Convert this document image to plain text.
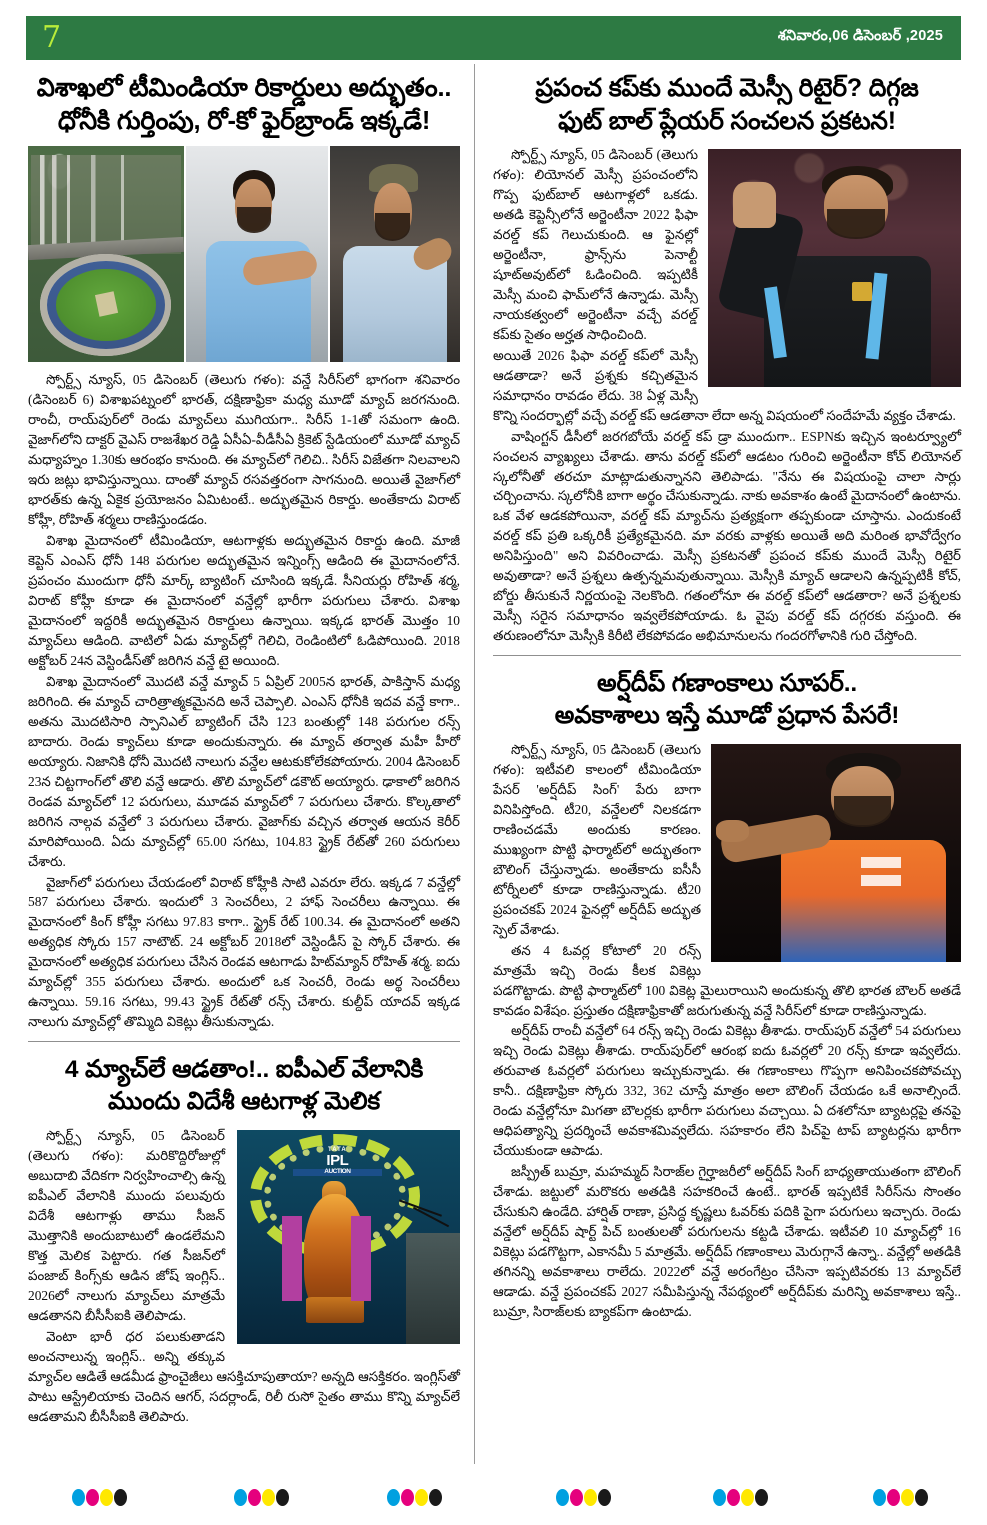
7	శనివారం,06 డిసెంబర్ ,2025
విశాఖలో టీమిండియా రికార్డులు అద్భుతం..
ధోనీకి గుర్తింపు, రో-కో ఫైర్‌బ్రాండ్ ఇక్కడే!

స్పోర్ట్స్ న్యూస్, 05 డిసెంబర్ (తెలుగు గళం): వన్డే సిరీస్‌లో భాగంగా శనివారం (డిసెంబర్ 6) విశాఖపట్నంలో భారత్, దక్షిణాఫ్రికా మధ్య మూడో మ్యాచ్ జరగనుంది. రాంచీ, రాయ్‌పుర్‌లో రెండు మ్యాచ్‌లు ముగియగా.. సిరీస్ 1-1తో సమంగా ఉంది. వైజాగ్‌లోని దాక్టర్ వైఎస్ రాజశేఖర రెడ్డి ఏసీఏ-వీడీసీఏ క్రికెట్ స్టేడియంలో మూడో మ్యాచ్ మధ్యాహ్నం 1.30కు ఆరంభం కానుంది. ఈ మ్యాచ్‌లో గెలిచి.. సిరీస్ విజేతగా నిలవాలని ఇరు జట్లు భావిస్తున్నాయి. దాంతో మ్యాచ్ రసవత్తరంగా సాగనుంది. అయితే వైజాగ్‌లో భారత్‌కు ఉన్న ఏకైక ప్రయోజనం ఏమిటంటే.. అద్భుతమైన రికార్డు. అంతేకాదు విరాట్ కోహ్లీ, రోహిత్ శర్మలు రాణిస్తుండడం.

విశాఖ మైదానంలో టీమిండియా, ఆటగాళ్లకు అద్భుతమైన రికార్డు ఉంది. మాజీ కెప్టెన్ ఎంఎస్ ధోనీ 148 పరుగుల అద్భుతమైన ఇన్నింగ్స్ ఆడింది ఈ మైదానంలోనే. ప్రపంచం ముందుగా ధోనీ మార్క్ బ్యాటింగ్ చూసింది ఇక్కడే. సీనియర్లు రోహిత్ శర్మ, విరాట్ కోహ్లీ కూడా ఈ మైదానంలో వన్డేల్లో భారీగా పరుగులు చేశారు. విశాఖ మైదానంలో ఇద్దరికీ అద్భుతమైన రికార్డులు ఉన్నాయి. ఇక్కడ భారత్ మొత్తం 10 మ్యాచ్‌లు ఆడింది. వాటిలో ఏడు మ్యాచ్‌ల్లో గెలిచి, రెండింటిలో ఓడిపోయింది. 2018 అక్టోబర్ 24న వెస్టిండీస్‌తో జరిగిన వన్డే టై అయింది.

విశాఖ మైదానంలో మొదటి వన్డే మ్యాచ్ 5 ఏప్రిల్ 2005న భారత్, పాకిస్తాన్ మధ్య జరిగింది. ఈ మ్యాచ్ చారిత్రాత్మకమైనది అనే చెప్పాలి. ఎంఎస్ ధోనీకి ఇదవ వన్డే కాగా.. అతను మొదటిసారి స్పానిఎల్ బ్యాటింగ్ చేసి 123 బంతుల్లో 148 పరుగుల రన్స్ బాదారు. రెండు క్యాచ్‌లు కూడా అందుకున్నారు. ఈ మ్యాచ్ తర్వాత మహీ హీరో అయ్యారు. నిజానికి ధోనీ మొదటి నాలుగు వన్డేల ఆటకుకోలేకపోయారు. 2004 డిసెంబర్ 23న చిట్టగాంగ్‌లో తొలి వన్డే ఆడారు. తొలి మ్యాచ్‌లో డకౌట్ అయ్యారు. ఢాకాలో జరిగిన రెండవ మ్యాచ్‌లో 12 పరుగులు, మూడవ మ్యాచ్‌లో 7 పరుగులు చేశారు. కొల్కతాలో జరిగిన నాల్గవ వన్డేలో 3 పరుగులు చేశారు. వైజాగ్‌కు వచ్చిన తర్వాత ఆయన కెరీర్ మారిపోయింది. ఏదు మ్యాచ్‌ల్లో 65.00 సగటు, 104.83 స్ట్రైక్ రేట్‌తో 260 పరుగులు చేశారు.

వైజాగ్‌లో పరుగులు చేయడంలో విరాట్ కోహ్లీకి సాటి ఎవరూ లేరు. ఇక్కడ 7 వన్డేల్లో 587 పరుగులు చేశారు. ఇందులో 3 సెంచరీలు, 2 హాఫ్ సెంచరీలు ఉన్నాయి. ఈ మైదానంలో కింగ్ కోహ్లీ సగటు 97.83 కాగా.. స్ట్రైక్ రేట్ 100.34. ఈ మైదానంలో అతని అత్యధిక స్కోరు 157 నాటౌట్. 24 అక్టోబర్ 2018లో వెస్టిండీస్ పై స్కోర్ చేశారు. ఈ మైదానంలో అత్యధిక పరుగులు చేసిన రెండవ ఆటగాడు హిట్‌మ్యాన్ రోహిత్ శర్మ. ఐదు మ్యాచ్‌ల్లో 355 పరుగులు చేశారు. అందులో ఒక సెంచరీ, రెండు అర్థ సెంచరీలు ఉన్నాయి. 59.16 సగటు, 99.43 స్ట్రైక్ రేట్‌తో రన్స్ చేశారు. కుల్దీప్ యాదవ్ ఇక్కడ నాలుగు మ్యాచ్‌ల్లో తొమ్మిది వికెట్లు తీసుకున్నాడు.

4 మ్యాచ్‌లే ఆడతాం!.. ఐపీఎల్ వేలానికి
ముందు విదేశీ ఆటగాళ్ల మెలిక
TATA
IPL
AUCTION

స్పోర్ట్స్ న్యూస్, 05 డిసెంబర్ (తెలుగు గళం): మరికొద్దిరోజుల్లో అబుదాబి వేదికగా నిర్వహించాల్సి ఉన్న ఐపీఎల్ వేలానికి ముందు పలువురు విదేశీ ఆటగాళ్లు తాము సీజన్ మొత్తానికి అందుబాటులో ఉండలేమని కొత్త మెలిక పెట్టారు. గత సీజన్‌లో పంజాబ్ కింగ్స్‌కు ఆడిన జోష్ ఇంగ్లిస్.. 2026లో నాలుగు మ్యాచ్‌లు మాత్రమే ఆడతానని బీసీసీఐకి తెలిపాడు.

వెంటా భారీ ధర పలుకుతాడని అంచనాలున్న ఇంగ్లిస్.. అన్ని తక్కువ మ్యాచ్‌ల ఆడితే ఆడమీడ ఫ్రాంచైజీలు ఆసక్తిచూపుతాయా? అన్నది ఆసక్తికరం. ఇంగ్లిస్‌తో పాటు ఆస్ట్రేలియాకు చెందిన ఆగర్, సదర్లాండ్, రిలీ రుసో సైతం తాము కొన్ని మ్యాచ్‌లే ఆడతామని బీసీసీఐకి తెలిపారు.

ప్రపంచ కప్‌కు ముందే మెస్సీ రిటైర్? దిగ్గజ
ఫుట్ బాల్ ప్లేయర్ సంచలన ప్రకటన!

స్పోర్ట్స్ న్యూస్, 05 డిసెంబర్ (తెలుగు గళం): లియోనల్ మెస్సీ ప్రపంచంలోని గొప్ప ఫుట్‌బాల్ ఆటగాళ్లలో ఒకడు. అతడి కెప్టెన్సీలోనే అర్జెంటీనా 2022 ఫిఫా వరల్డ్ కప్ గెలుచుకుంది. ఆ ఫైనల్లో అర్జెంటీనా, ఫ్రాన్స్‌ను పెనాల్టీ షూట్‌అవుట్‌లో ఓడించింది. ఇప్పటికీ మెస్సీ మంచి ఫామ్‌లోనే ఉన్నాడు. మెస్సీ నాయకత్వంలో అర్జెంటీనా వచ్చే వరల్డ్ కప్‌కు సైతం అర్హత సాధించింది.

అయితే 2026 ఫిఫా వరల్డ్ కప్‌లో మెస్సీ ఆడతాడా? అనే ప్రశ్నకు కచ్చితమైన సమాధానం రావడం లేదు. 38 ఏళ్ల మెస్సీ కొన్ని సందర్భాల్లో వచ్చే వరల్డ్ కప్ ఆడతానా లేదా అన్న విషయంలో సందేహమే వ్యక్తం చేశాడు.

వాషింగ్టన్ డీసీలో జరగబోయే వరల్డ్ కప్ డ్రా ముందుగా.. ESPNకు ఇచ్చిన ఇంటర్వ్యూలో సంచలన వ్యాఖ్యలు చేశాడు. తాను వరల్డ్ కప్‌లో ఆడటం గురించి అర్జెంటీనా కోచ్ లియోనల్ స్కలోనీతో తరచూ మాట్లాడుతున్నానని తెలిపాడు. "నేను ఈ విషయంపై చాలా సార్లు చర్చించాను. స్కలోనీకి బాగా అర్థం చేసుకున్నాడు. నాకు అవకాశం ఉంటే మైదానంలో ఉంటాను. ఒక వేళ ఆడకపోయినా, వరల్డ్ కప్ మ్యాచ్‌ను ప్రత్యక్షంగా తప్పకుండా చూస్తాను. ఎందుకంటే వరల్డ్ కప్ ప్రతి ఒక్కరికీ ప్రత్యేకమైనది. మా వరకు వాళ్లకు అయితే అది మరింత భావోద్వేగం అనిపిస్తుంది" అని వివరించాడు. మెస్సీ ప్రకటనతో ప్రపంచ కప్‌కు ముందే మెస్సీ రిటైర్ అవుతాడా? అనే ప్రశ్నలు ఉత్పన్నమవుతున్నాయి. మెస్సీకి మ్యాచ్ ఆడాలని ఉన్నప్పటికీ కోచ్, బోర్డు తీసుకునే నిర్ణయంపై నెలకొంది. గతంలోనూ ఈ వరల్డ్ కప్‌లో ఆడతారా? అనే ప్రశ్నలకు మెస్సీ సరైన సమాధానం ఇవ్వలేకపోయాడు. ఓ వైపు వరల్డ్ కప్ దగ్గరకు వస్తుంది. ఈ తరుణంలోనూ మెస్సీకి కిరీటి లేకపోవడం అభిమానులను గందరగోళానికి గురి చేస్తోంది.

అర్ష్‌దీప్ గణాంకాలు సూపర్..
అవకాశాలు ఇస్తే మూడో ప్రధాన పేసరే!

స్పోర్ట్స్ న్యూస్, 05 డిసెంబర్ (తెలుగు గళం): ఇటీవలి కాలంలో టీమిండియా పేసర్ 'అర్ష్‌దీప్ సింగ్' పేరు బాగా వినిపిస్తోంది. టీ20, వన్డేలలో నిలకడగా రాణించడమే అందుకు కారణం. ముఖ్యంగా పొట్టి ఫార్మాట్‌లో అద్భుతంగా బౌలింగ్ చేస్తున్నాడు. అంతేకాదు ఐసీసీ టోర్నీలలో కూడా రాణిస్తున్నాడు. టీ20 ప్రపంచకప్ 2024 ఫైనల్లో అర్ష్‌దీప్ అద్భుత స్పెల్ వేశాడు.

తన 4 ఓవర్ల కోటాలో 20 రన్స్ మాత్రమే ఇచ్చి రెండు కీలక వికెట్లు పడగొట్టాడు. పొట్టి ఫార్మాట్‌లో 100 వికెట్ల మైలురాయిని అందుకున్న తొలి భారత బౌలర్ అతడే కావడం విశేషం. ప్రస్తుతం దక్షిణాఫ్రికాతో జరుగుతున్న వన్డే సిరీస్‌లో కూడా రాణిస్తున్నాడు.

అర్ష్‌దీప్ రాంచీ వన్డేలో 64 రన్స్ ఇచ్చి రెండు వికెట్లు తీశాడు. రాయ్‌పుర్ వన్డేలో 54 పరుగులు ఇచ్చి రెండు వికెట్లు తీశాడు. రాయ్‌పుర్‌లో ఆరంభ ఐదు ఓవర్లలో 20 రన్స్ కూడా ఇవ్వలేదు. తరువాత ఓవర్లలో పరుగులు ఇచ్చుకున్నాడు. ఈ గణాంకాలు గొప్పగా అనిపించకపోవచ్చు కానీ.. దక్షిణాఫ్రికా స్కోరు 332, 362 చూస్తే మాత్రం అలా బౌలింగ్ చేయడం ఒకే అనాల్సిందే. రెండు వన్డేల్లోనూ మిగతా బౌలర్లకు భారీగా పరుగులు వచ్చాయి. ఏ దశలోనూ బ్యాటర్లపై తనపై ఆధిపత్యాన్ని ప్రదర్శించే అవకాశమివ్వలేదు. సహకారం లేని పిచ్‌పై టాప్ బ్యాటర్లను భారీగా చేయుకుండా ఆపాడు.

జస్ప్రీత్ బుమ్రా, మహమ్మద్ సిరాజ్‌ల గైర్హాజరీలో అర్ష్‌దీప్ సింగ్ బాధ్యతాయుతంగా బౌలింగ్ చేశాడు. జట్టులో మరొకరు అతడికి సహకరించే ఉంటే.. భారత్ ఇప్పటికే సిరీస్‌ను సొంతం చేసుకుని ఉండేది. హార్షిత్ రాణా, ప్రసిద్ధ కృష్ణలు ఓవర్‌కు పదికి పైగా పరుగులు ఇచ్చారు. రెండు వన్డేలో అర్ష్‌దీప్ షార్ట్ పిచ్ బంతులతో పరుగులను కట్టడి చేశాడు. ఇటీవలి 10 మ్యాచ్‌ల్లో 16 వికెట్లు పడగొట్టగా, ఎకానమీ 5 మాత్రమే. అర్ష్‌దీప్ గణాంకాలు మెరుగ్గానే ఉన్నా.. వన్డేల్లో అతడికి తగినన్ని అవకాశాలు రాలేదు. 2022లో వన్డే అరంగేట్రం చేసినా ఇప్పటివరకు 13 మ్యాచ్‌లే ఆడాడు. వన్డే ప్రపంచకప్ 2027 సమీపిస్తున్న నేపథ్యంలో అర్ష్‌దీప్‌కు మరిన్ని అవకాశాలు ఇస్తే.. బుమ్రా, సిరాజ్‌లకు బ్యాకప్‌గా ఉంటాడు.
